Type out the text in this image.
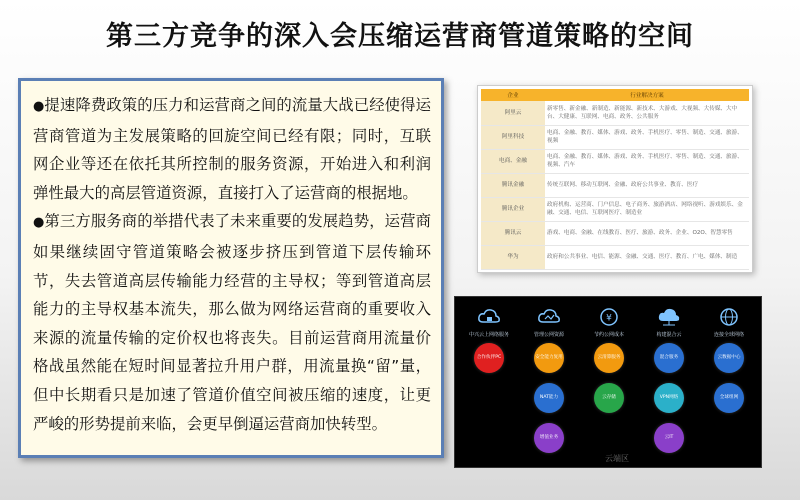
第三方竞争的深入会压缩运营商管道策略的空间

●提速降费政策的压力和运营商之间的流量大战已经使得运营商管道为主发展策略的回旋空间已经有限；同时，互联网企业等还在依托其所控制的服务资源，开始进入和利润弹性最大的高层管道资源，直接打入了运营商的根据地。

●第三方服务商的举措代表了未来重要的发展趋势，运营商如果继续固守管道策略会被逐步挤压到管道下层传输环节，失去管道高层传输能力经营的主导权；等到管道高层能力的主导权基本流失，那么做为网络运营商的重要收入来源的流量传输的定价权也将丧失。目前运营商用流量价格战虽然能在短时间显著拉升用户群，用流量换“留”量，但中长期看只是加速了管道价值空间被压缩的速度，让更严峻的形势提前来临，会更早倒逼运营商加快转型。

企业	行业解决方案
阿里云	新零售、新金融、新制造、新能源、新技术、大游戏、大视频、大传媒、大中台、大健康、互联网、电商、政务、公共服务
阿里科技	电商、金融、教育、媒体、游戏、政务、手机医疗、零售、制造、交通、旅游、视频
电商、金融	电商、金融、教育、媒体、游戏、政务、手机医疗、零售、制造、交通、旅游、视频、汽车
腾讯金融	传统互联网、移动互联网、金融、政府公共事业、教育、医疗
腾讯企业	政府机构、运营商、门户信息、电子商务、旅游酒店、网络视听、游戏娱乐、金融、交通、电信、互联网医疗、制造业
腾讯云	游戏、电商、金融、在线教育、医疗、旅游、政务、企业、O2O、智慧零售
华为	政府和公共事业、电信、能源、金融、交通、医疗、教育、广电、媒体、制造
中兴云上网络服务
合作伙伴PC
管理公网资源
安全能力复用
NAT能力
增值业务
¥
节约公网成本
云清算服务
云存储
构建混合云
混合服务
VPN网络
云IT
连接全球网络
云数据中心
全球组网
云端区
